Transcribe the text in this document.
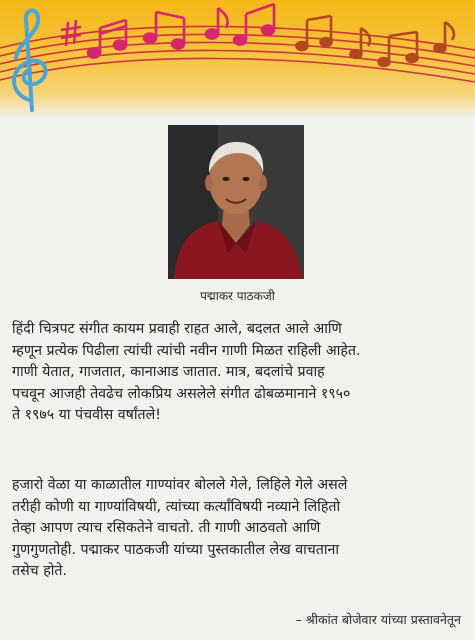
पद्माकर पाठकजी

हिंदी चित्रपट संगीत कायम प्रवाही राहत आले, बदलत आले आणि
म्हणून प्रत्येक पिढीला त्यांची त्यांची नवीन गाणी मिळत राहिली आहेत.
गाणी येतात, गाजतात, कानाआड जातात. मात्र, बदलांचे प्रवाह
पचवून आजही तेवढेच लोकप्रिय असलेले संगीत ढोबळमानाने १९५०
ते १९७५ या पंचवीस वर्षांतले!

हजारो वेळा या काळातील गाण्यांवर बोलले गेले, लिहिले गेले असले
तरीही कोणी या गाण्यांविषयी, त्यांच्या कर्त्यांविषयी नव्याने लिहितो
तेव्हा आपण त्याच रसिकतेने वाचतो. ती गाणी आठवतो आणि
गुणगुणतोही. पद्माकर पाठकजी यांच्या पुस्तकातील लेख वाचताना
तसेच होते.

– श्रीकांत बोजेवार यांच्या प्रस्तावनेतून
